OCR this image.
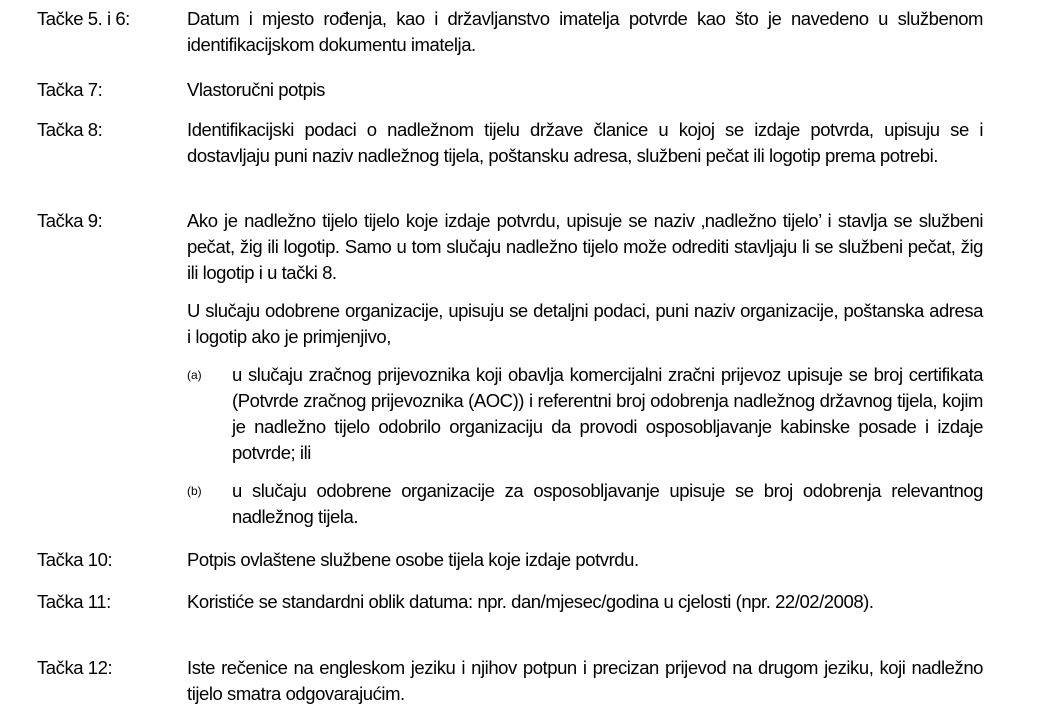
Tačke 5. i 6:	Datum i mjesto rođenja, kao i državljanstvo imatelja potvrde kao što je navedeno u službenom identifikacijskom dokumentu imatelja.

Tačka 7:	Vlastoručni potpis

Tačka 8:	Identifikacijski podaci o nadležnom tijelu države članice u kojoj se izdaje potvrda, upisuju se i dostavljaju puni naziv nadležnog tijela, poštansku adresa, službeni pečat ili logotip prema potrebi.

Tačka 9:	Ako je nadležno tijelo tijelo koje izdaje potvrdu, upisuje se naziv ‚nadležno tijelo’ i stavlja se službeni pečat, žig ili logotip. Samo u tom slučaju nadležno tijelo može odrediti stavljaju li se službeni pečat, žig ili logotip i u tački 8.

U slučaju odobrene organizacije, upisuju se detaljni podaci, puni naziv organizacije, poštanska adresa i logotip ako je primjenjivo,

(a)	u slučaju zračnog prijevoznika koji obavlja komercijalni zračni prijevoz upisuje se broj certifikata (Potvrde zračnog prijevoznika (AOC)) i referentni broj odobrenja nadležnog državnog tijela, kojim je nadležno tijelo odobrilo organizaciju da provodi osposobljavanje kabinske posade i izdaje potvrde; ili

(b)	u slučaju odobrene organizacije za osposobljavanje upisuje se broj odobrenja relevantnog nadležnog tijela.

Tačka 10:	Potpis ovlaštene službene osobe tijela koje izdaje potvrdu.

Tačka 11:	Koristiće se standardni oblik datuma: npr. dan/mjesec/godina u cjelosti (npr. 22/02/2008).

Tačka 12:	Iste rečenice na engleskom jeziku i njihov potpun i precizan prijevod na drugom jeziku, koji nadležno tijelo smatra odgovarajućim.
